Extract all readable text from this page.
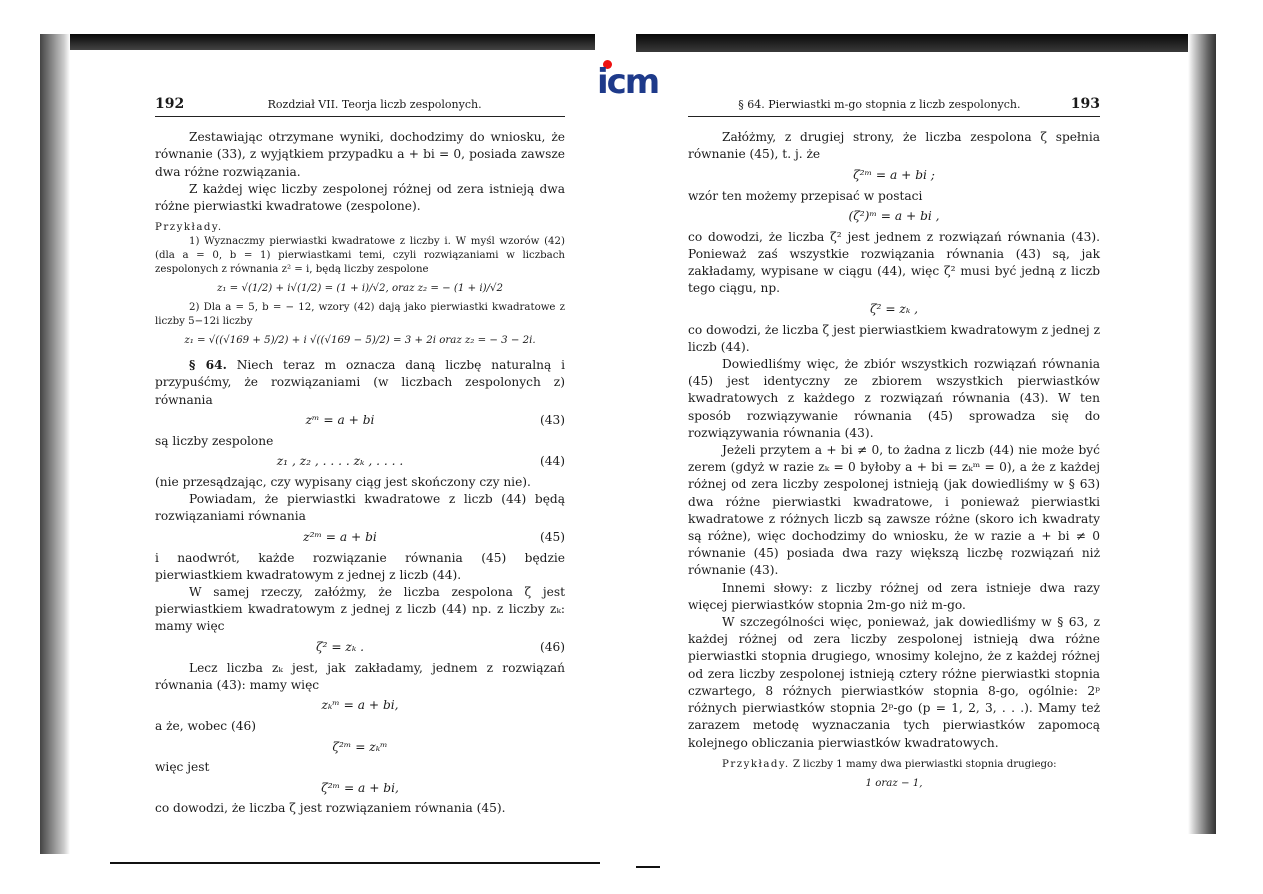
icm
192	Rozdział VII. Teorja liczb zespolonych.

Zestawiając otrzymane wyniki, dochodzimy do wniosku, że równanie (33), z wyjątkiem przypadku a + bi = 0, posiada zawsze dwa różne rozwiązania.

Z każdej więc liczby zespolonej różnej od zera istnieją dwa różne pierwiastki kwadratowe (zespolone).

Przykłady.

1) Wyznaczmy pierwiastki kwadratowe z liczby i. W myśl wzorów (42) (dla a = 0, b = 1) pierwiastkami temi, czyli rozwiązaniami w liczbach zespolonych z równania z² = i, będą liczby zespolone

z₁ = √(1/2) + i√(1/2) = (1 + i)/√2, oraz z₂ = − (1 + i)/√2

2) Dla a = 5, b = − 12, wzory (42) dają jako pierwiastki kwadratowe z liczby 5−12i liczby

z₁ = √((√169 + 5)/2) + i √((√169 − 5)/2) = 3 + 2i oraz z₂ = − 3 − 2i.

§ 64. Niech teraz m oznacza daną liczbę naturalną i przypuśćmy, że rozwiązaniami (w liczbach zespolonych z) równania

zᵐ = a + bi	(43)

są liczby zespolone

z₁ , z₂ , . . . . zₖ , . . . .	(44)

(nie przesądzając, czy wypisany ciąg jest skończony czy nie).

Powiadam, że pierwiastki kwadratowe z liczb (44) będą rozwiązaniami równania

z²ᵐ = a + bi	(45)

i naodwrót, każde rozwiązanie równania (45) będzie pierwiastkiem kwadratowym z jednej z liczb (44).

W samej rzeczy, załóżmy, że liczba zespolona ζ jest pierwiastkiem kwadratowym z jednej z liczb (44) np. z liczby zₖ: mamy więc

ζ² = zₖ .	(46)

Lecz liczba zₖ jest, jak zakładamy, jednem z rozwiązań równania (43): mamy więc

zₖᵐ = a + bi,

a że, wobec (46)

ζ²ᵐ = zₖᵐ

więc jest

ζ²ᵐ = a + bi,

co dowodzi, że liczba ζ jest rozwiązaniem równania (45).

§ 64. Pierwiastki m-go stopnia z liczb zespolonych.	193

Załóżmy, z drugiej strony, że liczba zespolona ζ spełnia równanie (45), t. j. że

ζ²ᵐ = a + bi ;

wzór ten możemy przepisać w postaci

(ζ²)ᵐ = a + bi ,

co dowodzi, że liczba ζ² jest jednem z rozwiązań równania (43). Ponieważ zaś wszystkie rozwiązania równania (43) są, jak zakładamy, wypisane w ciągu (44), więc ζ² musi być jedną z liczb tego ciągu, np.

ζ² = zₖ ,

co dowodzi, że liczba ζ jest pierwiastkiem kwadratowym z jednej z liczb (44).

Dowiedliśmy więc, że zbiór wszystkich rozwiązań równania (45) jest identyczny ze zbiorem wszystkich pierwiastków kwadratowych z każdego z rozwiązań równania (43). W ten sposób rozwiązywanie równania (45) sprowadza się do rozwiązywania równania (43).

Jeżeli przytem a + bi ≠ 0, to żadna z liczb (44) nie może być zerem (gdyż w razie zₖ = 0 byłoby a + bi = zₖᵐ = 0), a że z każdej różnej od zera liczby zespolonej istnieją (jak dowiedliśmy w § 63) dwa różne pierwiastki kwadratowe, i ponieważ pierwiastki kwadratowe z różnych liczb są zawsze różne (skoro ich kwadraty są różne), więc dochodzimy do wniosku, że w razie a + bi ≠ 0 równanie (45) posiada dwa razy większą liczbę rozwiązań niż równanie (43).

Innemi słowy: z liczby różnej od zera istnieje dwa razy więcej pierwiastków stopnia 2m-go niż m-go.

W szczególności więc, ponieważ, jak dowiedliśmy w § 63, z każdej różnej od zera liczby zespolonej istnieją dwa różne pierwiastki stopnia drugiego, wnosimy kolejno, że z każdej różnej od zera liczby zespolonej istnieją cztery różne pierwiastki stopnia czwartego, 8 różnych pierwiastków stopnia 8-go, ogólnie: 2ᵖ różnych pierwiastków stopnia 2ᵖ-go (p = 1, 2, 3, . . .). Mamy też zarazem metodę wyznaczania tych pierwiastków zapomocą kolejnego obliczania pierwiastków kwadratowych.

Przykłady. Z liczby 1 mamy dwa pierwiastki stopnia drugiego:

1 oraz − 1,
